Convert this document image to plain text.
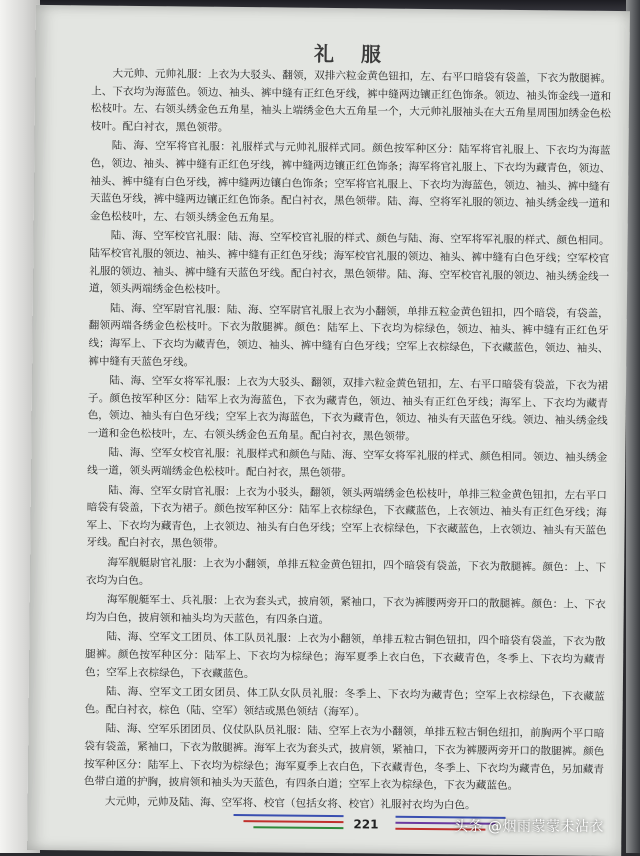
礼 服

大元帅、元帅礼服：上衣为大驳头、翻领，双排六粒金黄色钮扣，左、右平口暗袋有袋盖，下衣为散腿裤。上、下衣均为海蓝色。领边、袖头、裤中缝有正红色牙线，裤中缝两边镶正红色饰条。领边、袖头饰金线一道和松枝叶。左、右领头绣金色五角星，袖头上端绣金色大五角星一个，大元帅礼服袖头在大五角星周围加绣金色松枝叶。配白衬衣，黑色领带。

陆、海、空军将官礼服：礼服样式与元帅礼服样式同。颜色按军种区分：陆军将官礼服上、下衣均为海蓝色，领边、袖头、裤中缝有正红色牙线，裤中缝两边镶正红色饰条；海军将官礼服上、下衣均为藏青色，领边、袖头、裤中缝有白色牙线，裤中缝两边镶白色饰条；空军将官礼服上、下衣均为海蓝色，领边、袖头、裤中缝有天蓝色牙线，裤中缝两边镶正红色饰条。配白衬衣，黑色领带。陆、海、空将军礼服的领边、袖头绣金线一道和金色松枝叶，左、右领头绣金色五角星。

陆、海、空军校官礼服：陆、海、空军校官礼服的样式、颜色与陆、海、空军将军礼服的样式、颜色相同。陆军校官礼服的领边、袖头、裤中缝有正红色牙线；海军校官礼服的领边、袖头、裤中缝有白色牙线；空军校官礼服的领边、袖头、裤中缝有天蓝色牙线。配白衬衣，黑色领带。陆、海、空军校官礼服的领边、袖头绣金线一道，领头两端绣金色松枝叶。

陆、海、空军尉官礼服：陆、海、空军尉官礼服上衣为小翻领，单排五粒金黄色钮扣，四个暗袋，有袋盖，翻领两端各绣金色松枝叶。下衣为散腿裤。颜色：陆军上、下衣均为棕绿色，领边、袖头、裤中缝有正红色牙线；海军上、下衣均为藏青色，领边、袖头、裤中缝有白色牙线；空军上衣棕绿色，下衣藏蓝色，领边、袖头、裤中缝有天蓝色牙线。

陆、海、空军女将军礼服：上衣为大驳头、翻领，双排六粒金黄色钮扣，左、右平口暗袋有袋盖，下衣为裙子。颜色按军种区分：陆军上衣为海蓝色，下衣为藏青色，领边、袖头有正红色牙线；海军上、下衣均为藏青色，领边、袖头有白色牙线；空军上衣为海蓝色，下衣为藏青色，领边、袖头有天蓝色牙线。领边、袖头绣金线一道和金色松枝叶，左、右领头绣金色五角星。配白衬衣，黑色领带。

陆、海、空军女校官礼服：礼服样式和颜色与陆、海、空军女将军礼服的样式、颜色相同。领边、袖头绣金线一道，领头两端绣金色松枝叶。配白衬衣，黑色领带。

陆、海、空军女尉官礼服：上衣为小驳头，翻领，领头两端绣金色松枝叶，单排三粒金黄色钮扣，左右平口暗袋有袋盖，下衣为裙子。颜色按军种区分：陆军上衣棕绿色，下衣藏蓝色，上衣领边、袖头有正红色牙线；海军上、下衣均为藏青色，上衣领边、袖头有白色牙线；空军上衣棕绿色，下衣藏蓝色，上衣领边、袖头有天蓝色牙线。配白衬衣，黑色领带。

海军舰艇尉官礼服：上衣为小翻领，单排五粒金黄色钮扣，四个暗袋有袋盖，下衣为散腿裤。颜色：上、下衣均为白色。

海军舰艇军士、兵礼服：上衣为套头式，披肩领，紧袖口，下衣为裤腰两旁开口的散腿裤。颜色：上、下衣均为白色，披肩领和袖头均为天蓝色，有四条白道。

陆、海、空军文工团员、体工队员礼服：上衣为小翻领，单排五粒古铜色钮扣，四个暗袋有袋盖，下衣为散腿裤。颜色按军种区分：陆军上、下衣均为棕绿色；海军夏季上衣白色，下衣藏青色，冬季上、下衣均为藏青色；空军上衣棕绿色，下衣藏蓝色。

陆、海、空军文工团女团员、体工队女队员礼服：冬季上、下衣均为藏青色；空军上衣棕绿色，下衣藏蓝色。配白衬衣，棕色（陆、空军）领结或黑色领结（海军）。

陆、海、空军乐团团员、仪仗队队员礼服：陆、空军上衣为小翻领，单排五粒古铜色纽扣，前胸两个平口暗袋有袋盖，紧袖口，下衣为散腿裤。海军上衣为套头式，披肩领，紧袖口，下衣为裤腰两旁开口的散腿裤。颜色按军种区分：陆军上、下衣均为棕绿色；海军夏季上衣白色，下衣藏青色，冬季上、下衣均为藏青色，另加藏青色带白道的护胸，披肩领和袖头为天蓝色，有四条白道；空军上衣为棕绿色，下衣为藏蓝色。

大元帅，元帅及陆、海、空军将、校官（包括女将、校官）礼服衬衣均为白色。

221	头条 @烟雨蒙蒙未沾衣
